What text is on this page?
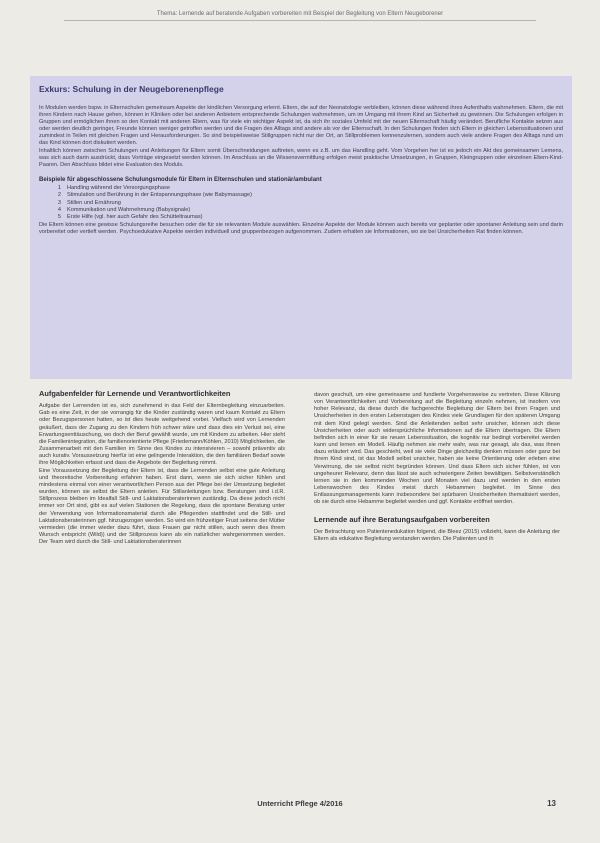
Thema: Lernende auf beratende Aufgaben vorbereiten mit Beispiel der Begleitung von Eltern Neugeborener
Exkurs: Schulung in der Neugeborenenpflege

In Modulen werden bspw. in Elternschulen gemeinsam Aspekte der kindlichen Versorgung erlernt. Eltern, die auf der Neonatologie verbleiben, können diese während ihres Aufenthalts wahrnehmen. Eltern, die mit ihren Kindern nach Hause gehen, können in Kliniken oder bei anderen Anbietern entsprechende Schulungen wahrnehmen, um im Umgang mit ihrem Kind an Sicherheit zu gewinnen. Die Schulungen erfolgen in Gruppen und ermöglichen ihnen so den Kontakt mit anderen Eltern, was für viele ein wichtiger Aspekt ist, da sich ihr soziales Umfeld mit der neuen Elternschaft häufig verändert. Berufliche Kontakte setzen aus oder werden deutlich geringer, Freunde können weniger getroffen werden und die Fragen des Alltags sind andere als vor der Elternschaft. In den Schulungen finden sich Eltern in gleichen Lebenssituationen und zumindest in Teilen mit gleichen Fragen und Herausforderungen. So sind beispielsweise Stillgruppen nicht nur der Ort, an Stillproblemen kennenzulernen, sondern auch viele andere Fragen des Alltags rund um das Kind können dort diskutiert werden.

Inhaltlich können zwischen Schulungen und Anleitungen für Eltern somit Überschneidungen auftreten, wenn es z.B. um das Handling geht. Vom Vorgehen her ist es jedoch ein Akt des gemeinsamen Lernens, was sich auch darin ausdrückt, dass Vorträge eingesetzt werden können. Im Anschluss an die Wissensvermittlung erfolgen meist praktische Umsetzungen, in Gruppen, Kleingruppen oder einzelnen Eltern-Kind-Paaren. Den Abschluss bildet eine Evaluation des Moduls.

Beispiele für abgeschlossene Schulungsmodule für Eltern in Elternschulen und stationär/ambulant
1	Handling während der Versorgungsphase
2	Stimulation und Berührung in der Entspannungsphase (wie Babymassage)
3	Stillen und Ernährung
4	Kommunikation und Wahrnehmung (Babysignale)
5	Erste Hilfe (vgl. hier auch Gefahr des Schütteltraumas)

Die Eltern können eine gewisse Schulungsreihe besuchen oder die für sie relevanten Module auswählen. Einzelne Aspekte der Module können auch bereits vor geplanter oder spontaner Anleitung sein und darin vorbereitet oder vertieft werden. Psychoedukative Aspekte werden individuell und gruppenbezogen aufgenommen. Zudem erhalten sie Informationen, wo sie bei Unsicherheiten Rat finden können.

Aufgabenfelder für Lernende und Verantwortlichkeiten

Aufgabe der Lernenden ist es, sich zunehmend in das Feld der Elternbegleitung einzuarbeiten. Gab es eine Zeit, in der sie vorrangig für die Kinder zuständig waren und kaum Kontakt zu Eltern oder Bezugspersonen hatten, so ist dies heute weitgehend vorbei. Vielfach wird von Lernenden geäußert, dass der Zugang zu den Kindern früh schwer wäre und dass dies ein Verlust sei, eine Erwartungsenttäuschung, wo doch der Beruf gewählt wurde, um mit Kindern zu arbeiten. Hier steht die Familienintegration, die familienorientierte Pflege (Friedemann/Köhlen, 2010) Möglichkeiten, die Zusammenarbeit mit den Familien im Sinne des Kindes zu intensivieren – sowohl präventiv als auch kurativ. Voraussetzung hierfür ist eine gelingende Interaktion, die den familiären Bedarf sowie ihre Möglichkeiten erfasst und dass die Angebote der Begleitung nimmt.

Eine Voraussetzung der Begleitung der Eltern ist, dass die Lernenden selbst eine gute Anleitung und theoretische Vorbereitung erfahren haben. Erst dann, wenn sie sich sicher fühlen und mindestens einmal von einer verantwortlichen Person aus der Pflege bei der Umsetzung begleitet wurden, können sie selbst die Eltern anleiten. Für Stillanleitungen bzw. Beratungen sind i.d.R. Stillprozess bleiben im Idealfall Still- und Laktationsberaterinnen zuständig. Da diese jedoch nicht immer vor Ort sind, gibt es auf vielen Stationen die Regelung, dass die spontane Beratung unter der Verwendung von Informationsmaterial durch alle Pflegenden stattfindet und die Still- und Laktationsberaterinnen ggf. hinzugezogen werden. So wird ein frühzeitiger Frust seitens der Mütter vermieden (die immer wieder dazu führt, dass Frauen gar nicht stillen, auch wenn dies ihrem Wunsch entspricht (Wild)) und der Stillprozess kann als ein natürlicher wahrgenommen werden. Der Team wird durch die Still- und Laktationsberaterinnen

davon geschult, um eine gemeinsame und fundierte Vorgehensweise zu vertreten. Diese Klärung von Verantwortlichkeiten und Vorbereitung auf die Begleitung einzeln nehmen, ist insofern von hoher Relevanz, da diese durch die fachgerechte Begleitung der Eltern bei ihren Fragen und Unsicherheiten in den ersten Lebenstagen des Kindes viele Grundlagen für den späteren Umgang mit dem Kind gelegt werden. Sind die Anleitenden selbst sehr unsicher, können sich diese Unsicherheiten oder auch widersprüchliche Informationen auf die Eltern übertragen. Die Eltern befinden sich in einer für sie neuen Lebenssituation, die kognitiv nur bedingt vorbereitet werden kann und lernen ein Modell. Häufig nehmen sie mehr wahr, was nur gesagt, als das, was ihnen dazu erläutert wird. Das geschieht, weil sie viele Dinge gleichzeitig denken müssen oder ganz bei ihrem Kind sind, ist das Modell selbst unsicher, haben sie keine Orientierung oder erleben eine Verwirrung, die sie selbst nicht begründen können. Und dass Eltern sich sicher fühlen, ist von ungeheurer Relevanz, denn das lässt sie auch schwierigere Zeiten bewältigen. Selbstverständlich lernen sie in den kommenden Wochen und Monaten viel dazu und werden in den ersten Lebenswochen des Kindes meist durch Hebammen begleitet. Im Sinne des Entlassungsmanagements kann insbesondere bei spürbaren Unsicherheiten thematisiert werden, ob sie durch eine Hebamme begleitet werden und ggf. Kontakte eröffnet werden.

Lernende auf ihre Beratungsaufgaben vorbereiten

Der Betrachtung von Patientenedukation folgend, die Bleez (2015) vollzieht, kann die Anleitung der Eltern als edukative Begleitung verstanden werden. Die Patienten und ih

Unterricht Pflege 4/2016	13
